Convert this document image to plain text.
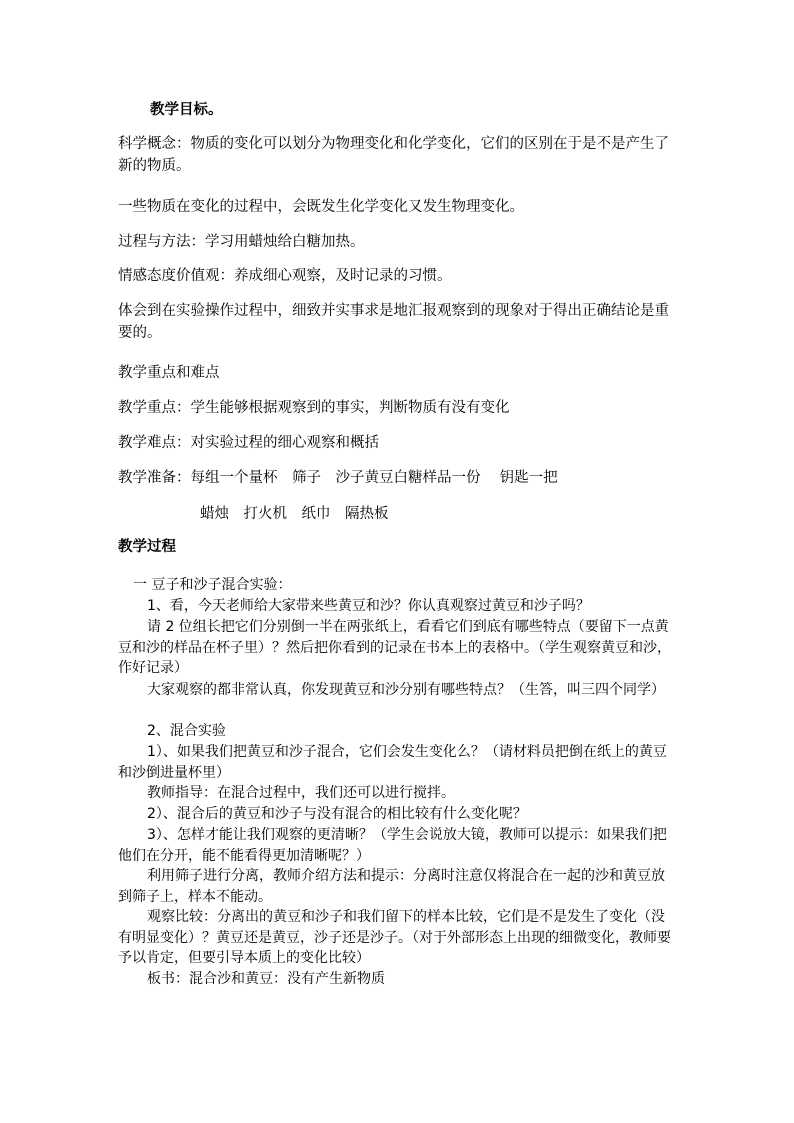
教学目标。

科学概念：物质的变化可以划分为物理变化和化学变化，它们的区别在于是不是产生了新的物质。

一些物质在变化的过程中，会既发生化学变化又发生物理变化。

过程与方法：学习用蜡烛给白糖加热。

情感态度价值观：养成细心观察，及时记录的习惯。

体会到在实验操作过程中，细致并实事求是地汇报观察到的现象对于得出正确结论是重要的。

教学重点和难点

教学重点：学生能够根据观察到的事实，判断物质有没有变化

教学难点：对实验过程的细心观察和概括

教学准备：每组一个量杯　筛子　沙子黄豆白糖样品一份　 钥匙一把

蜡烛　打火机　纸巾　隔热板

教学过程

一 豆子和沙子混合实验：

1、看，今天老师给大家带来些黄豆和沙？你认真观察过黄豆和沙子吗？

请 2 位组长把它们分别倒一半在两张纸上，看看它们到底有哪些特点（要留下一点黄豆和沙的样品在杯子里）？然后把你看到的记录在书本上的表格中。（学生观察黄豆和沙，作好记录）

大家观察的都非常认真，你发现黄豆和沙分别有哪些特点？（生答，叫三四个同学）

2、混合实验

1）、如果我们把黄豆和沙子混合，它们会发生变化么？（请材料员把倒在纸上的黄豆和沙倒进量杯里）

教师指导：在混合过程中，我们还可以进行搅拌。

2）、混合后的黄豆和沙子与没有混合的相比较有什么变化呢？

3）、怎样才能让我们观察的更清晰？（学生会说放大镜，教师可以提示：如果我们把他们在分开，能不能看得更加清晰呢？）

利用筛子进行分离，教师介绍方法和提示：分离时注意仅将混合在一起的沙和黄豆放到筛子上，样本不能动。

观察比较：分离出的黄豆和沙子和我们留下的样本比较，它们是不是发生了变化（没有明显变化）？黄豆还是黄豆，沙子还是沙子。（对于外部形态上出现的细微变化，教师要予以肯定，但要引导本质上的变化比较）

板书：混合沙和黄豆：没有产生新物质
